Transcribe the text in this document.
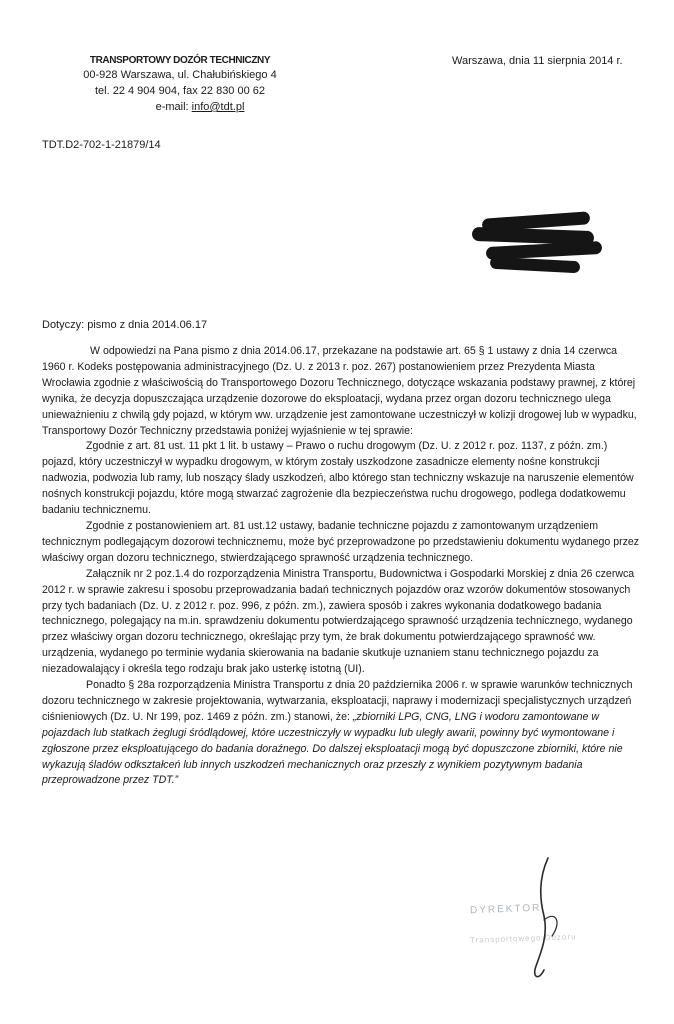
TRANSPORTOWY DOZÓR TECHNICZNY
00-928 Warszawa, ul. Chałubińskiego 4
tel. 22 4 904 904, fax 22 830 00 62
e-mail: info@tdt.pl
Warszawa, dnia 11 sierpnia 2014 r.
TDT.D2-702-1-21879/14
Dotyczy: pismo z dnia 2014.06.17

W odpowiedzi na Pana pismo z dnia 2014.06.17, przekazane na podstawie art. 65 § 1 ustawy z dnia 14 czerwca 1960 r. Kodeks postępowania administracyjnego (Dz. U. z 2013 r. poz. 267) postanowieniem przez Prezydenta Miasta Wrocławia zgodnie z właściwością do Transportowego Dozoru Technicznego, dotyczące wskazania podstawy prawnej, z której wynika, że decyzja dopuszczająca urządzenie dozorowe do eksploatacji, wydana przez organ dozoru technicznego ulega unieważnieniu z chwilą gdy pojazd, w którym ww. urządzenie jest zamontowane uczestniczył w kolizji drogowej lub w wypadku, Transportowy Dozór Techniczny przedstawia poniżej wyjaśnienie w tej sprawie:

Zgodnie z art. 81 ust. 11 pkt 1 lit. b ustawy – Prawo o ruchu drogowym (Dz. U. z 2012 r. poz. 1137, z późn. zm.) pojazd, który uczestniczył w wypadku drogowym, w którym zostały uszkodzone zasadnicze elementy nośne konstrukcji nadwozia, podwozia lub ramy, lub noszący ślady uszkodzeń, albo którego stan techniczny wskazuje na naruszenie elementów nośnych konstrukcji pojazdu, które mogą stwarzać zagrożenie dla bezpieczeństwa ruchu drogowego, podlega dodatkowemu badaniu technicznemu.

Zgodnie z postanowieniem art. 81 ust.12 ustawy, badanie techniczne pojazdu z zamontowanym urządzeniem technicznym podlegającym dozorowi technicznemu, może być przeprowadzone po przedstawieniu dokumentu wydanego przez właściwy organ dozoru technicznego, stwierdzającego sprawność urządzenia technicznego.

Załącznik nr 2 poz.1.4 do rozporządzenia Ministra Transportu, Budownictwa i Gospodarki Morskiej z dnia 26 czerwca 2012 r. w sprawie zakresu i sposobu przeprowadzania badań technicznych pojazdów oraz wzorów dokumentów stosowanych przy tych badaniach (Dz. U. z 2012 r. poz. 996, z późn. zm.), zawiera sposób i zakres wykonania dodatkowego badania technicznego, polegający na m.in. sprawdzeniu dokumentu potwierdzającego sprawność urządzenia technicznego, wydanego przez właściwy organ dozoru technicznego, określając przy tym, że brak dokumentu potwierdzającego sprawność ww. urządzenia, wydanego po terminie wydania skierowania na badanie skutkuje uznaniem stanu technicznego pojazdu za niezadowalający i określa tego rodzaju brak jako usterkę istotną (UI).

Ponadto § 28a rozporządzenia Ministra Transportu z dnia 20 października 2006 r. w sprawie warunków technicznych dozoru technicznego w zakresie projektowania, wytwarzania, eksploatacji, naprawy i modernizacji specjalistycznych urządzeń ciśnieniowych (Dz. U. Nr 199, poz. 1469 z późn. zm.) stanowi, że: „zbiorniki LPG, CNG, LNG i wodoru zamontowane w pojazdach lub statkach żeglugi śródlądowej, które uczestniczyły w wypadku lub uległy awarii, powinny być wymontowane i zgłoszone przez eksploatującego do badania doraźnego. Do dalszej eksploatacji mogą być dopuszczone zbiorniki, które nie wykazują śladów odkształceń lub innych uszkodzeń mechanicznych oraz przeszły z wynikiem pozytywnym badania przeprowadzone przez TDT.”

DYREKTOR
Transportowego Dozoru
